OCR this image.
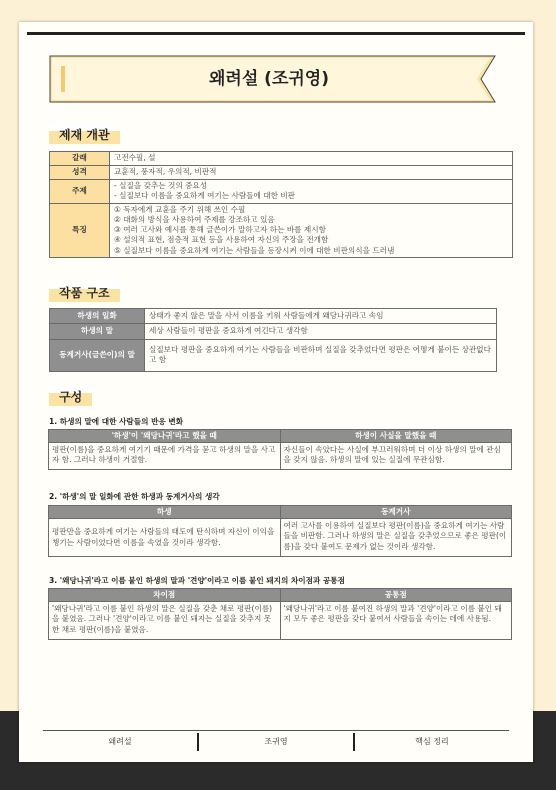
왜려설 (조귀영)
제재 개관
갈래	고전수필, 설
성격	교훈적, 풍자적, 우의적, 비판적
주제	- 실질을 갖추는 것의 중요성
- 실질보다 이름을 중요하게 여기는 사람들에 대한 비판

특징	① 독자에게 교훈을 주기 위해 쓰인 수필
② 대화의 방식을 사용하여 주제를 강조하고 있음
③ 여러 고사와 예시를 통해 글쓴이가 말하고자 하는 바를 제시함
④ 설의적 표현, 점층적 표현 등을 사용하여 자신의 주장을 전개함
⑤ 실질보다 이름을 중요하게 여기는 사람들을 등장시켜 이에 대한 비판의식을 드러냄
작품 구조
하생의 일화	상태가 좋지 않은 말을 사서 이름을 키워 사람들에게 왜당나귀라고 속임
하생의 말	세상 사람들이 평판을 중요하게 여긴다고 생각함
동계거사(글쓴이)의 말	실질보다 평판을 중요하게 여기는 사람들을 비판하며 실질을 갖추었다면 평판은 어떻게 붙이든 상관없다고 함
구성
1. 하생의 말에 대한 사람들의 반응 변화
'하생'이 '왜당나귀'라고 했을 때	하생이 사실을 말했을 때
평판(이름)을 중요하게 여기기 때문에 가격을 묻고 하생의 말을 사고자 함. 그러나 하생이 거절함.	자신들이 속았다는 사실에 부끄러워하며 더 이상 하생의 말에 관심을 갖지 않음. 하생의 말에 있는 실질에 무관심함.
2. '하생'의 말 일화에 관한 하생과 동계거사의 생각
하생	동계거사
평판만을 중요하게 여기는 사람들의 태도에 탄식하며 자신이 이익을 챙기는 사람이었다면 이름을 속였을 것이라 생각함.	여러 고사를 이용하여 실질보다 평판(이름)을 중요하게 여기는 사람들을 비판함. 그러나 하생의 말은 실질을 갖추었으므로 좋은 평판(이름)을 갖다 붙여도 문제가 없는 것이라 생각함.
3. '왜당나귀'라고 이름 붙인 하생의 말과 '견양'이라고 이름 붙인 돼지의 차이점과 공통점
차이점	공통점
'왜당나귀'라고 이름 붙인 하생의 말은 실질을 갖춘 채로 평판(이름)을 붙였음. 그러나 '견양'이라고 이름 붙인 돼지는 실질을 갖추지 못한 채로 평판(이름)을 붙였음.	'왜당나귀'라고 이름 붙여진 하생의 말과 '견양'이라고 이름 붙인 돼지 모두 좋은 평판을 갖다 붙여서 사람들을 속이는 데에 사용됨.
왜려설	조귀영	핵심 정리
